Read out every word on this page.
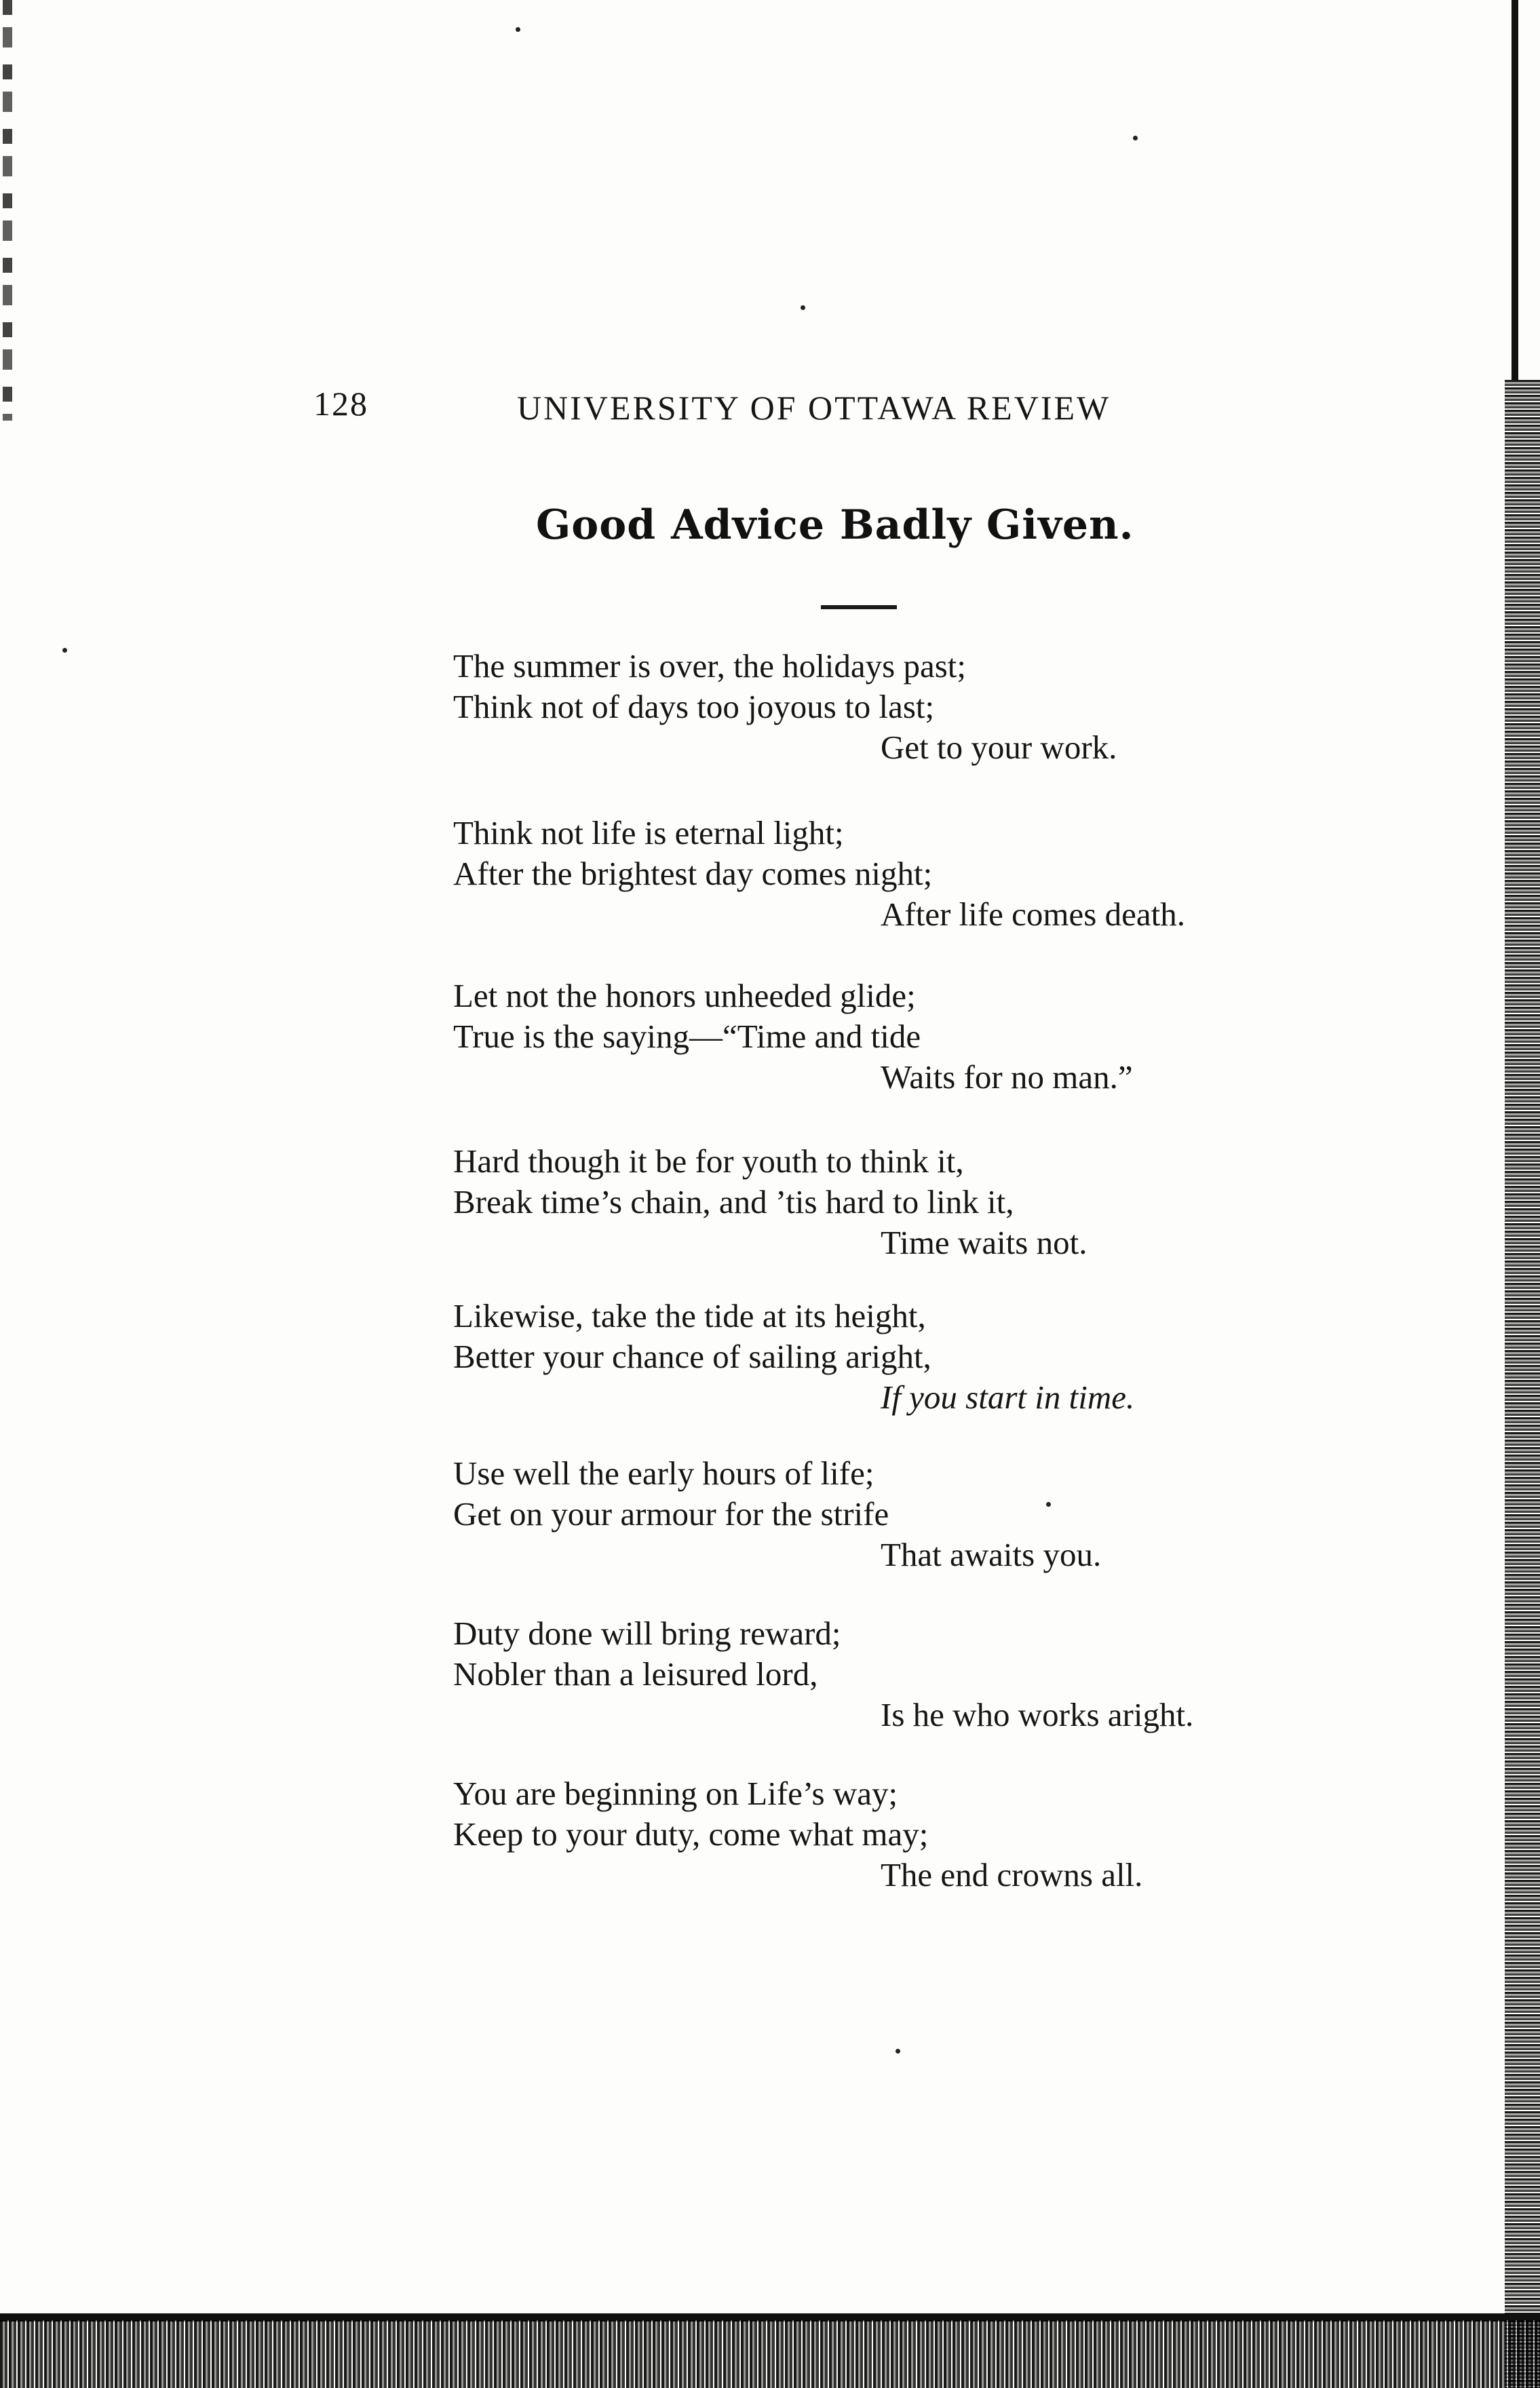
128	UNIVERSITY OF OTTAWA REVIEW
Good Advice Badly Given.
The summer is over, the holidays past;
Think not of days too joyous to last;
Get to your work.
Think not life is eternal light;
After the brightest day comes night;
After life comes death.
Let not the honors unheeded glide;
True is the saying—“Time and tide
Waits for no man.”
Hard though it be for youth to think it,
Break time’s chain, and ’tis hard to link it,
Time waits not.
Likewise, take the tide at its height,
Better your chance of sailing aright,
If you start in time.
Use well the early hours of life;
Get on your armour for the strife
That awaits you.
Duty done will bring reward;
Nobler than a leisured lord,
Is he who works aright.
You are beginning on Life’s way;
Keep to your duty, come what may;
The end crowns all.
